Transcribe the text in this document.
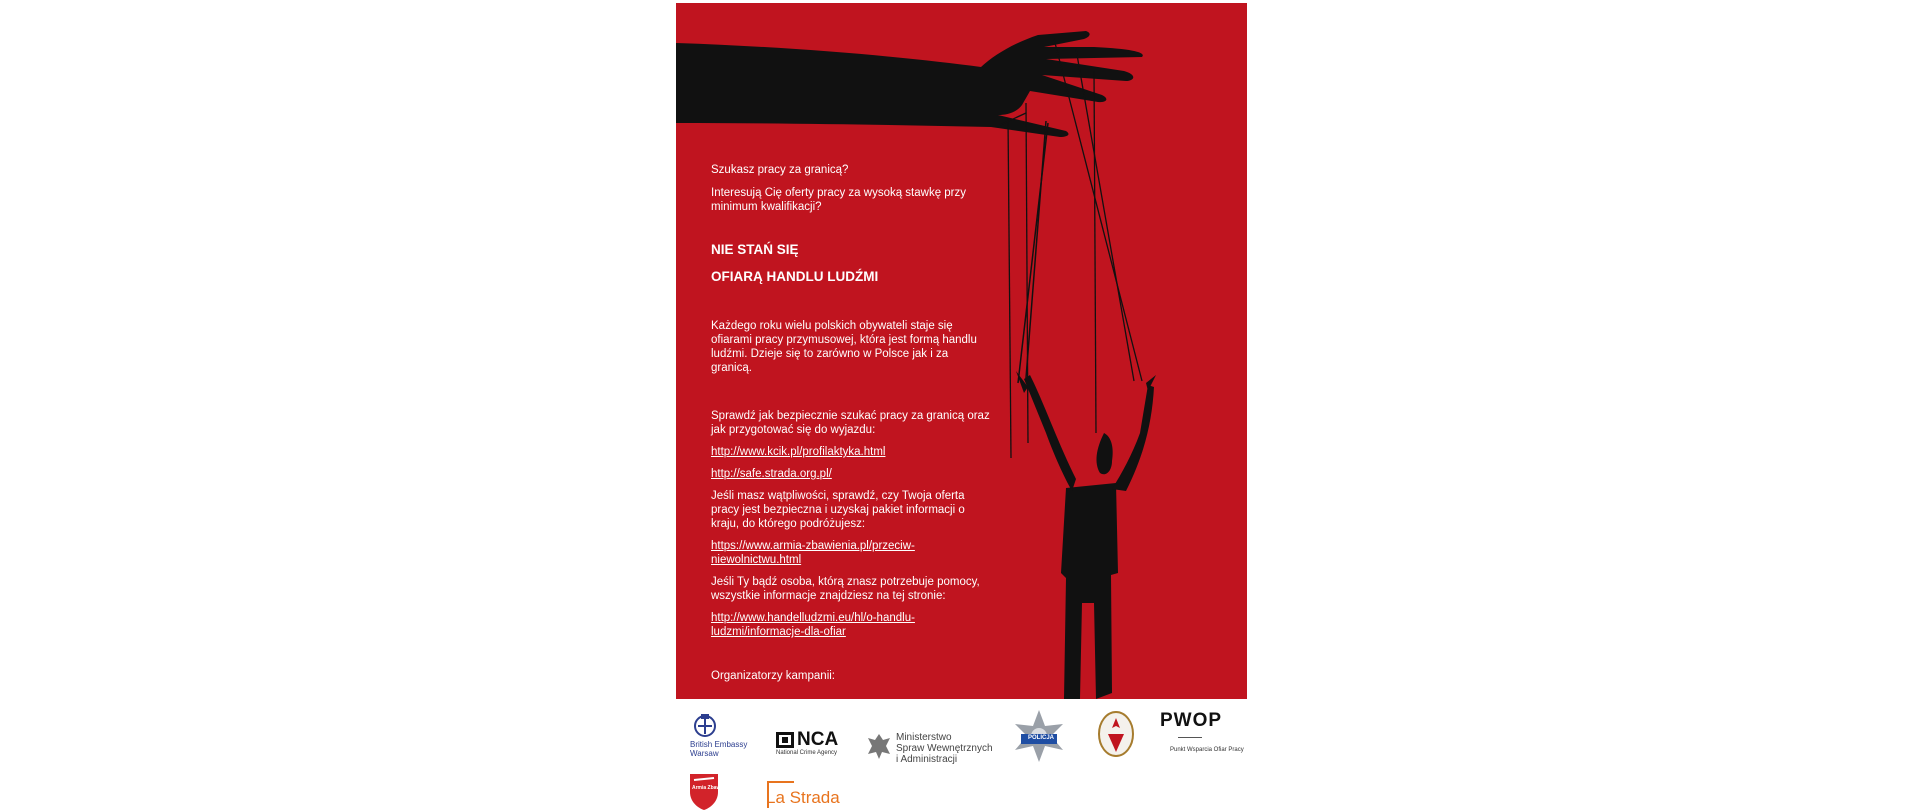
Szukasz pracy za granicą?

Interesują Cię oferty pracy za wysoką stawkę przy minimum kwalifikacji?

NIE STAŃ SIĘ

OFIARĄ HANDLU LUDŹMI

Każdego roku wielu polskich obywateli staje się ofiarami pracy przymusowej, która jest formą handlu ludźmi. Dzieje się to zarówno w Polsce jak i za granicą.

Sprawdź jak bezpiecznie szukać pracy za granicą oraz jak przygotować się do wyjazdu:

http://www.kcik.pl/profilaktyka.html
http://safe.strada.org.pl/

Jeśli masz wątpliwości, sprawdź, czy Twoja oferta pracy jest bezpieczna i uzyskaj pakiet informacji o kraju, do którego podróżujesz:

https://www.armia-zbawienia.pl/przeciw-niewolnictwu.html

Jeśli Ty bądź osoba, którą znasz potrzebuje pomocy, wszystkie informacje znajdziesz na tej stronie:

http://www.handelludzmi.eu/hl/o-handlu-ludzmi/informacje-dla-ofiar

Organizatorzy kampanii:

British Embassy
Warsaw
NCA
National Crime Agency
Ministerstwo
Spraw Wewnętrznych
i Administracji
POLICJA
PWOP
Punkt Wsparcia Ofiar Pracy
Armia Zbawienia La Strada
